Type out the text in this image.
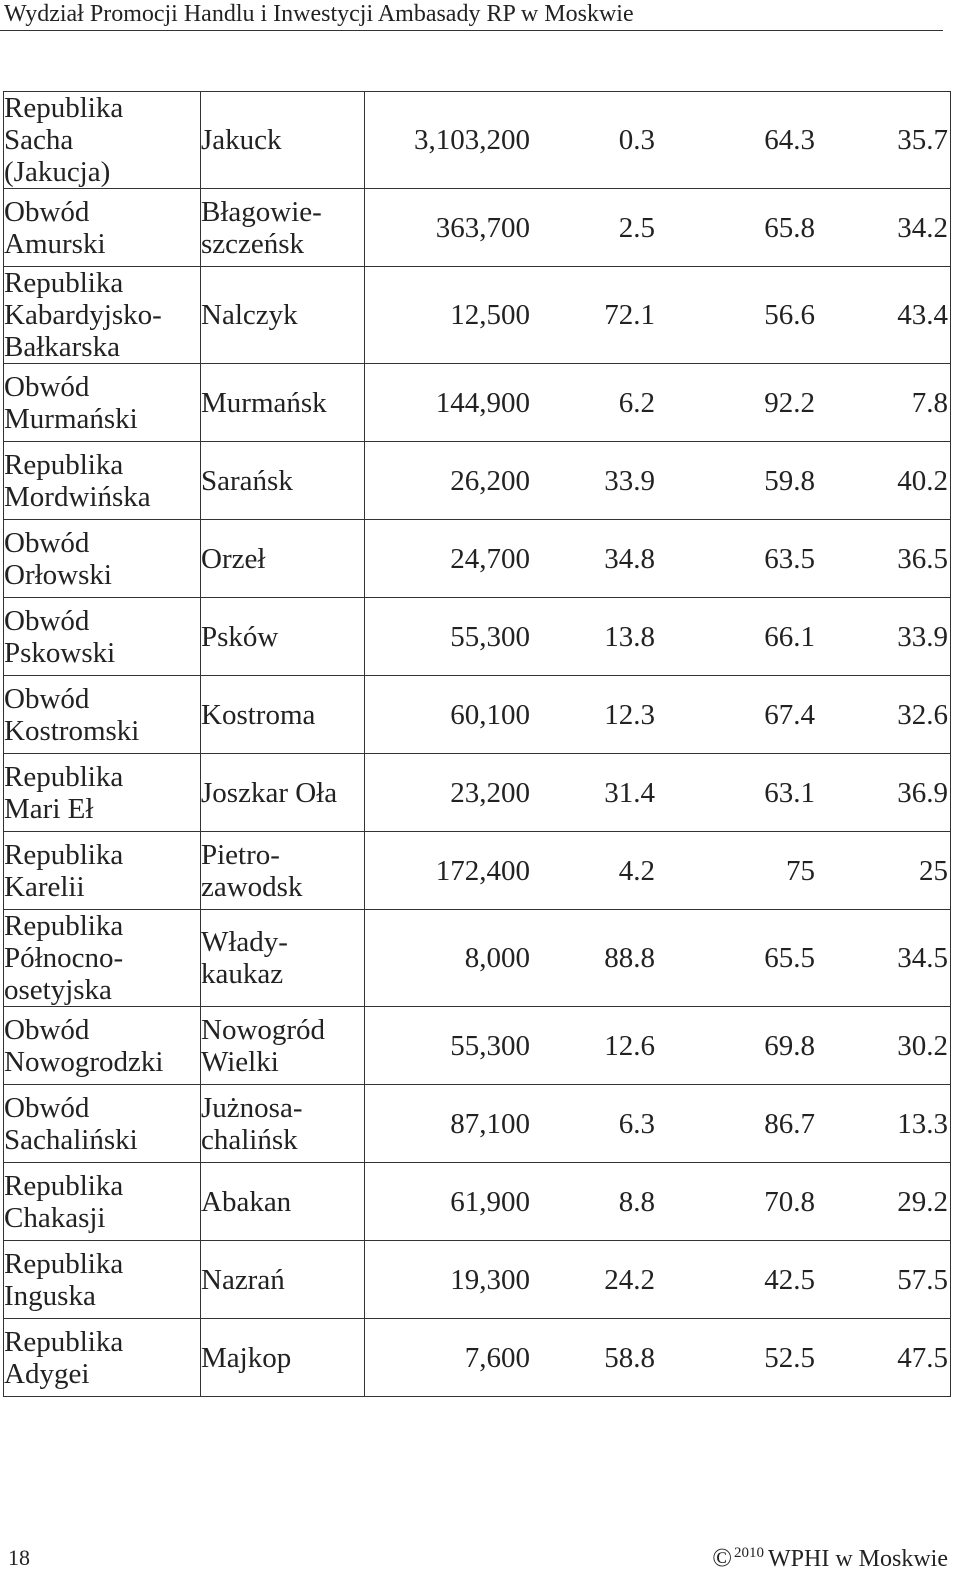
Wydział Promocji Handlu i Inwestycji Ambasady RP w Moskwie
Republika
Sacha
(Jakucja)	Jakuck	3,103,200 0.3 64.3 35.7

Obwód
Amurski	Błagowie-
szczeńsk	363,700 2.5 65.8 34.2

Republika
Kabardyjsko-
Bałkarska	Nalczyk	12,500 72.1 56.6 43.4

Obwód
Murmański	Murmańsk	144,900 6.2 92.2 7.8

Republika
Mordwińska	Sarańsk	26,200 33.9 59.8 40.2

Obwód
Orłowski	Orzeł	24,700 34.8 63.5 36.5

Obwód
Pskowski	Psków	55,300 13.8 66.1 33.9

Obwód
Kostromski	Kostroma	60,100 12.3 67.4 32.6

Republika
Mari Eł	Joszkar Oła	23,200 31.4 63.1 36.9

Republika
Karelii	Pietro-
zawodsk	172,400 4.2 75 25

Republika
Północno-
osetyjska	Włady-
kaukaz	8,000 88.8 65.5 34.5

Obwód
Nowogrodzki	Nowogród
Wielki	55,300 12.6 69.8 30.2

Obwód
Sachaliński	Jużnosa-
chalińsk	87,100 6.3 86.7 13.3

Republika
Chakasji	Abakan	61,900 8.8 70.8 29.2

Republika
Inguska	Nazrań	19,300 24.2 42.5 57.5

Republika
Adygei	Majkop	7,600 58.8 52.5 47.5
18	© $^{2010}$ WPHI w Moskwie
